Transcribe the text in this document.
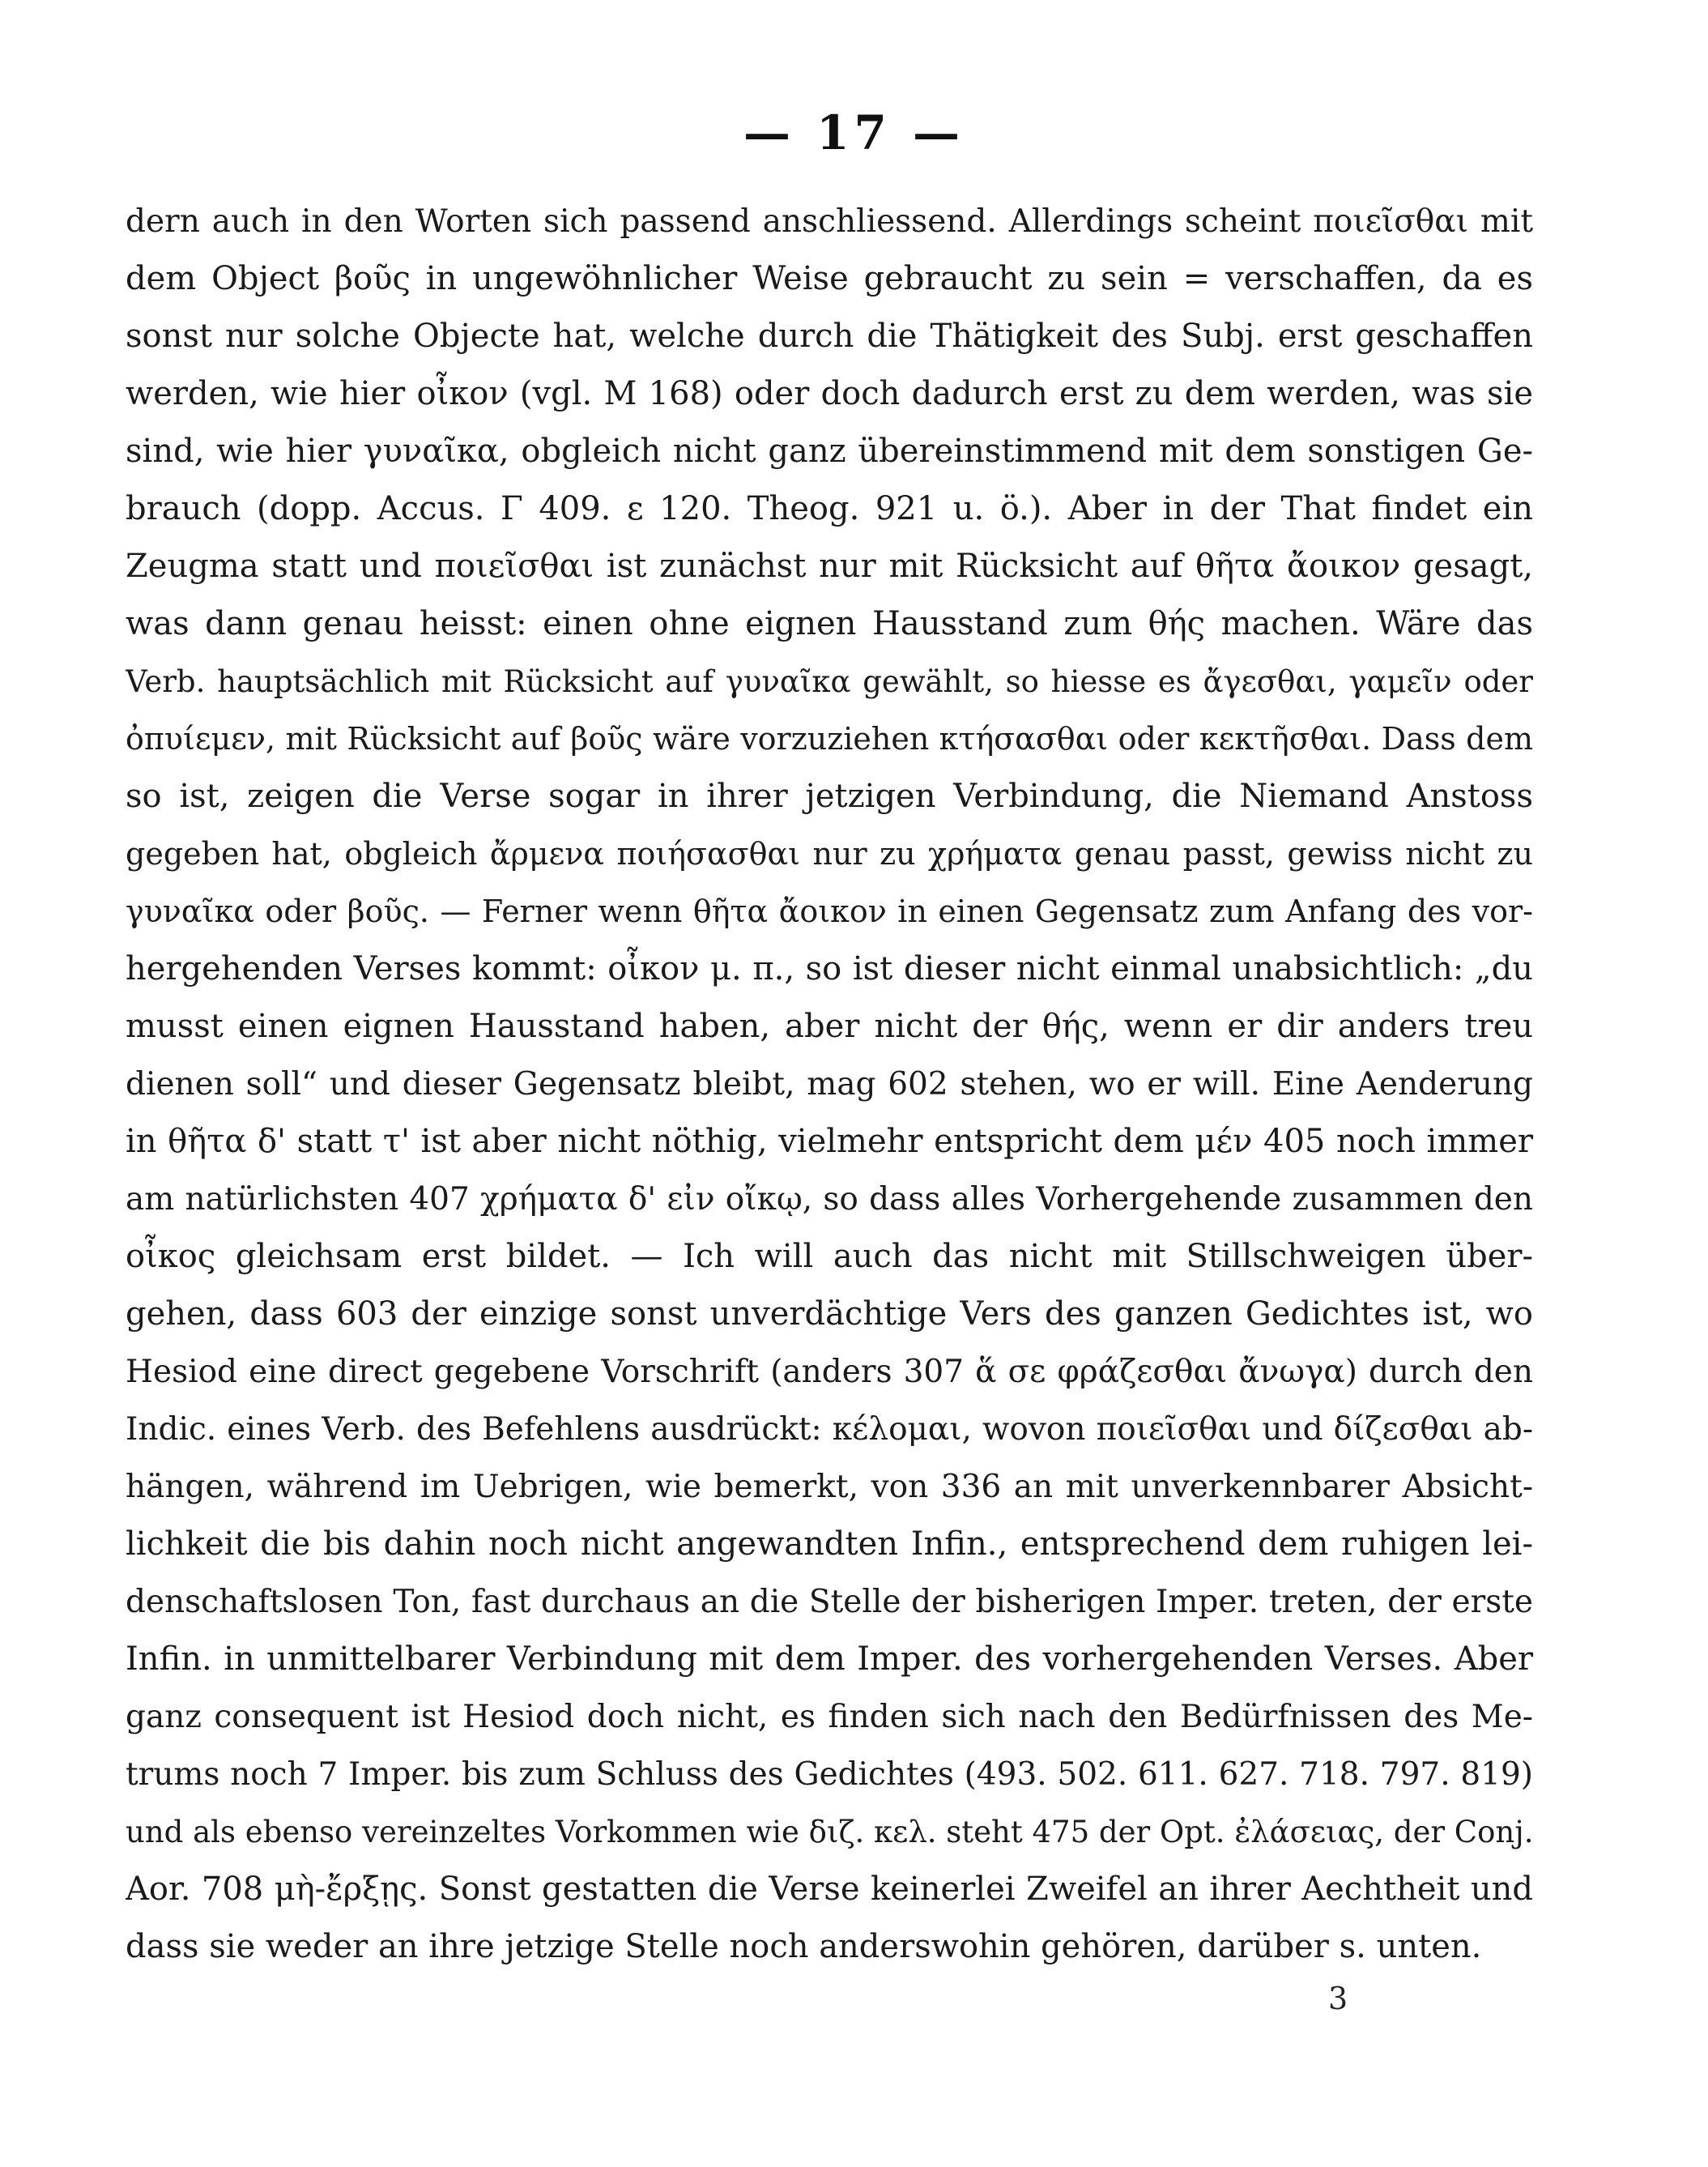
— 17 —
dern auch in den Worten sich passend anschliessend. Allerdings scheint ποιεῖσθαι mit
dem Object βοῦς in ungewöhnlicher Weise gebraucht zu sein = verschaffen, da es
sonst nur solche Objecte hat, welche durch die Thätigkeit des Subj. erst geschaffen
werden, wie hier οἶκον (vgl. M 168) oder doch dadurch erst zu dem werden, was sie
sind, wie hier γυναῖκα, obgleich nicht ganz übereinstimmend mit dem sonstigen Ge-
brauch (dopp. Accus. Γ 409. ε 120. Theog. 921 u. ö.). Aber in der That findet ein
Zeugma statt und ποιεῖσθαι ist zunächst nur mit Rücksicht auf θῆτα ἄοικον gesagt,
was dann genau heisst: einen ohne eignen Hausstand zum θής machen. Wäre das
Verb. hauptsächlich mit Rücksicht auf γυναῖκα gewählt, so hiesse es ἄγεσθαι, γαμεῖν oder
ὀπυίεμεν, mit Rücksicht auf βοῦς wäre vorzuziehen κτήσασθαι oder κεκτῆσθαι. Dass dem
so ist, zeigen die Verse sogar in ihrer jetzigen Verbindung, die Niemand Anstoss
gegeben hat, obgleich ἄρμενα ποιήσασθαι nur zu χρήματα genau passt, gewiss nicht zu
γυναῖκα oder βοῦς. — Ferner wenn θῆτα ἄοικον in einen Gegensatz zum Anfang des vor-
hergehenden Verses kommt: οἶκον μ. π., so ist dieser nicht einmal unabsichtlich: „du
musst einen eignen Hausstand haben, aber nicht der θής, wenn er dir anders treu
dienen soll“ und dieser Gegensatz bleibt, mag 602 stehen, wo er will. Eine Aenderung
in θῆτα δ' statt τ' ist aber nicht nöthig, vielmehr entspricht dem μέν 405 noch immer
am natürlichsten 407 χρήματα δ' εἰν οἴκῳ, so dass alles Vorhergehende zusammen den
οἶκος gleichsam erst bildet. — Ich will auch das nicht mit Stillschweigen über-
gehen, dass 603 der einzige sonst unverdächtige Vers des ganzen Gedichtes ist, wo
Hesiod eine direct gegebene Vorschrift (anders 307 ἅ σε φράζεσθαι ἄνωγα) durch den
Indic. eines Verb. des Befehlens ausdrückt: κέλομαι, wovon ποιεῖσθαι und δίζεσθαι ab-
hängen, während im Uebrigen, wie bemerkt, von 336 an mit unverkennbarer Absicht-
lichkeit die bis dahin noch nicht angewandten Infin., entsprechend dem ruhigen lei-
denschaftslosen Ton, fast durchaus an die Stelle der bisherigen Imper. treten, der erste
Infin. in unmittelbarer Verbindung mit dem Imper. des vorhergehenden Verses. Aber
ganz consequent ist Hesiod doch nicht, es finden sich nach den Bedürfnissen des Me-
trums noch 7 Imper. bis zum Schluss des Gedichtes (493. 502. 611. 627. 718. 797. 819)
und als ebenso vereinzeltes Vorkommen wie διζ. κελ. steht 475 der Opt. ἐλάσειας, der Conj.
Aor. 708 μὴ-ἔρξῃς. Sonst gestatten die Verse keinerlei Zweifel an ihrer Aechtheit und
dass sie weder an ihre jetzige Stelle noch anderswohin gehören, darüber s. unten.
3
